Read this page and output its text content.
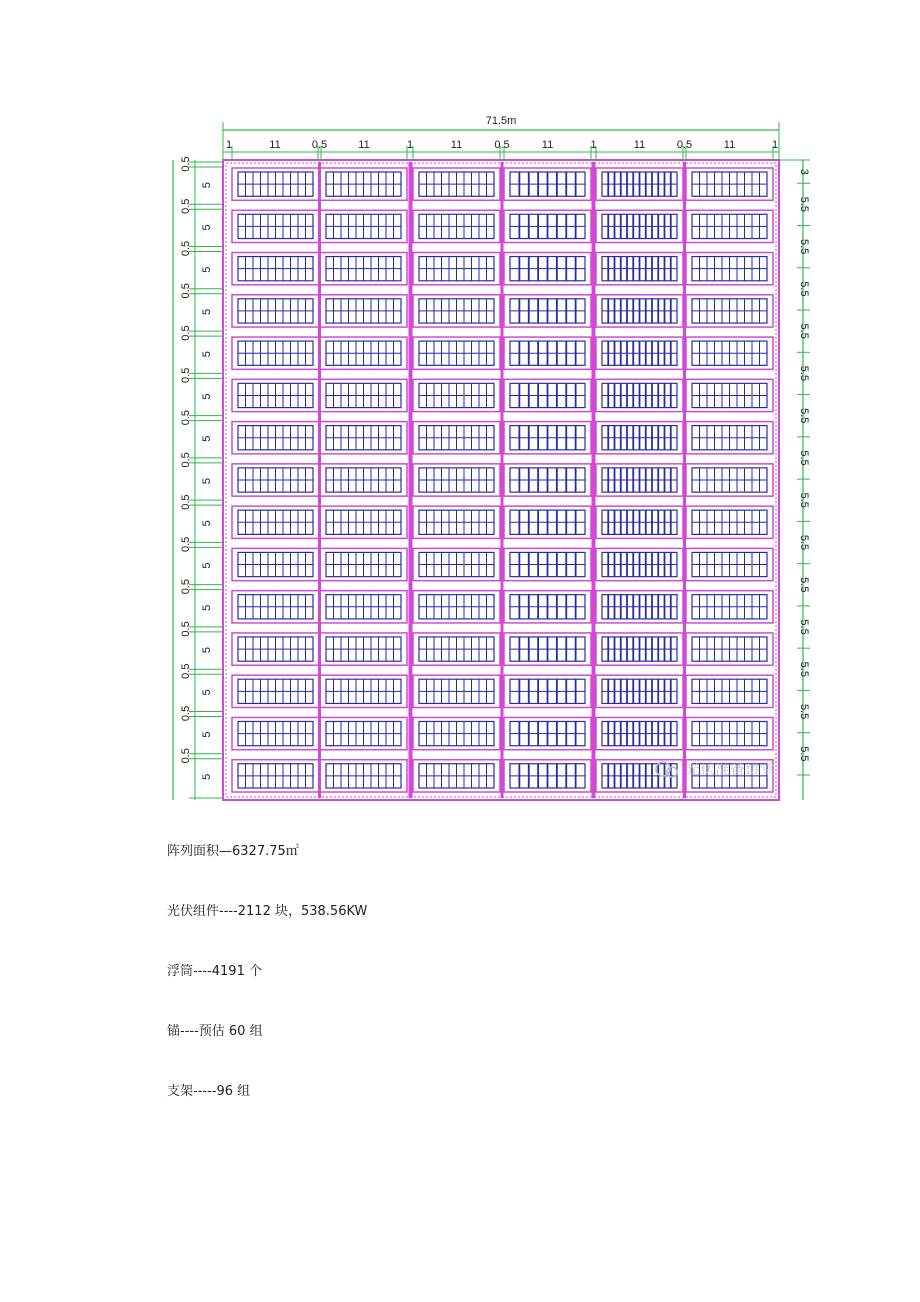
71.5m
1	11	0.5	11	1	11	0.5	11	1	11	0.5	11	1
0.5
5
0.5
5
0.5
5
0.5
5
0.5
5
0.5
5
0.5
5
0.5
5
0.5
5
0.5
5
0.5
5
0.5
5
0.5
5
0.5
5
0.5
5
3
5.5
5.5
5.5
5.5
5.5
5.5
5.5
5.5
5.5
5.5
5.5
5.5
5.5
5.5
光伏准备讲堂
阵列面积—6327.75㎡
光伏组件----2112 块，538.56KW
浮筒----4191 个
锚----预估 60 组
支架-----96 组
